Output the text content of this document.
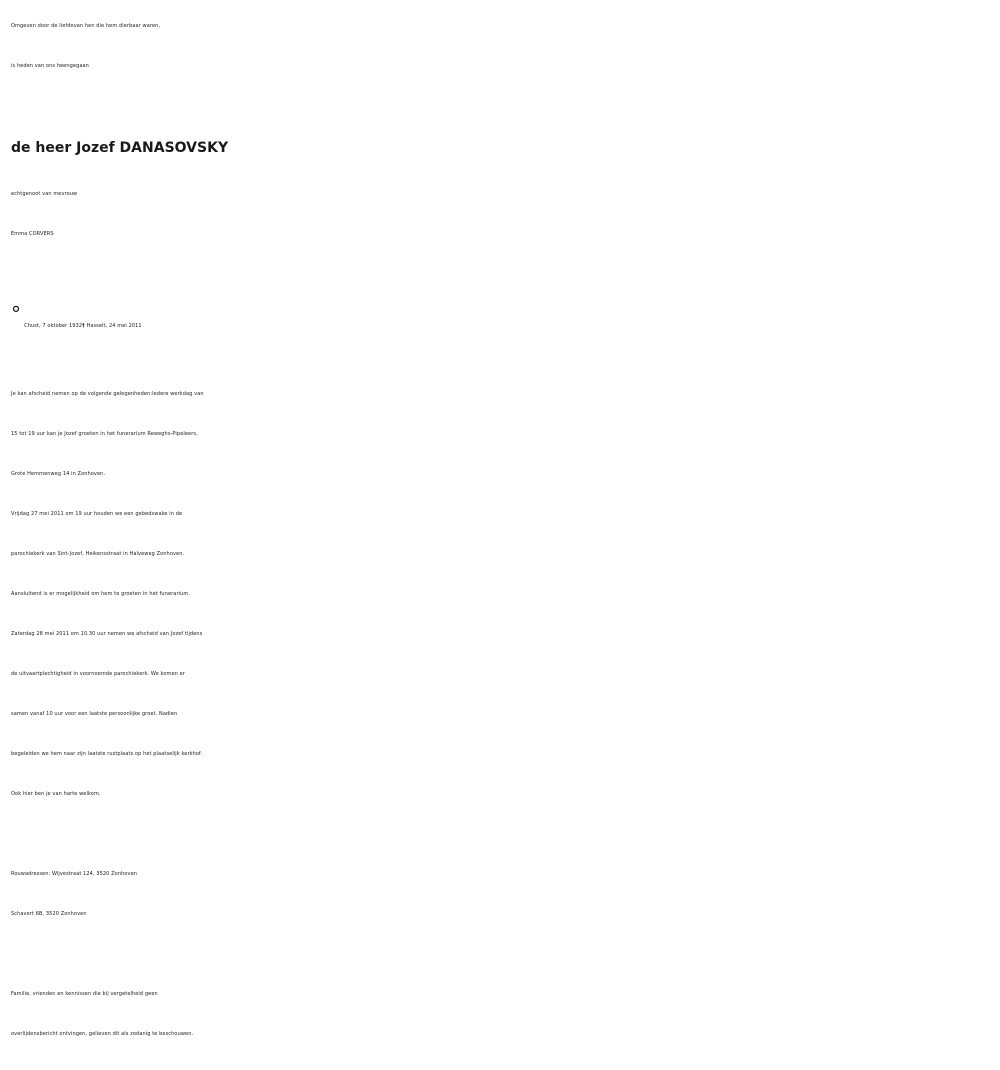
Omgeven door de liefdevan hen die hem dierbaar waren,
is heden van ons heengegaan
de heer Jozef DANASOVSKY
echtgenoot van mevrouw
Emma CORVERS
° Chust, 7 oktober 1932† Hasselt, 24 mei 2011
Je kan afscheid nemen op de volgende gelegenheden:Iedere werkdag van
15 tot 19 uur kan je Jozef groeten in het funerarium Reweghs-Pipeleers,
Grote Hemmenweg 14 in Zonhoven.
Vrijdag 27 mei 2011 om 19 uur houden we een gebedswake in de
parochiekerk van Sint-Jozef, Heikensstraat in Halveweg Zonhoven.
Aansluitend is er mogelijkheid om hem te groeten in het funerarium.
Zaterdag 28 mei 2011 om 10.30 uur nemen we afscheid van Jozef tijdens
de uitvaartplechtigheid in voornoemde parochiekerk. We komen er
samen vanaf 10 uur voor een laatste persoonlijke groet. Nadien
begeleiden we hem naar zijn laatste rustplaats op het plaatselijk kerkhof.
Ook hier ben je van harte welkom.
Rouwadressen: Wijvestraat 124, 3520 Zonhoven
Schavert 6B, 3520 Zonhoven
Familie, vrienden en kennissen die bij vergetelheid geen
overlijdensbericht ontvingen, gelieven dit als zodanig te beschouwen.
